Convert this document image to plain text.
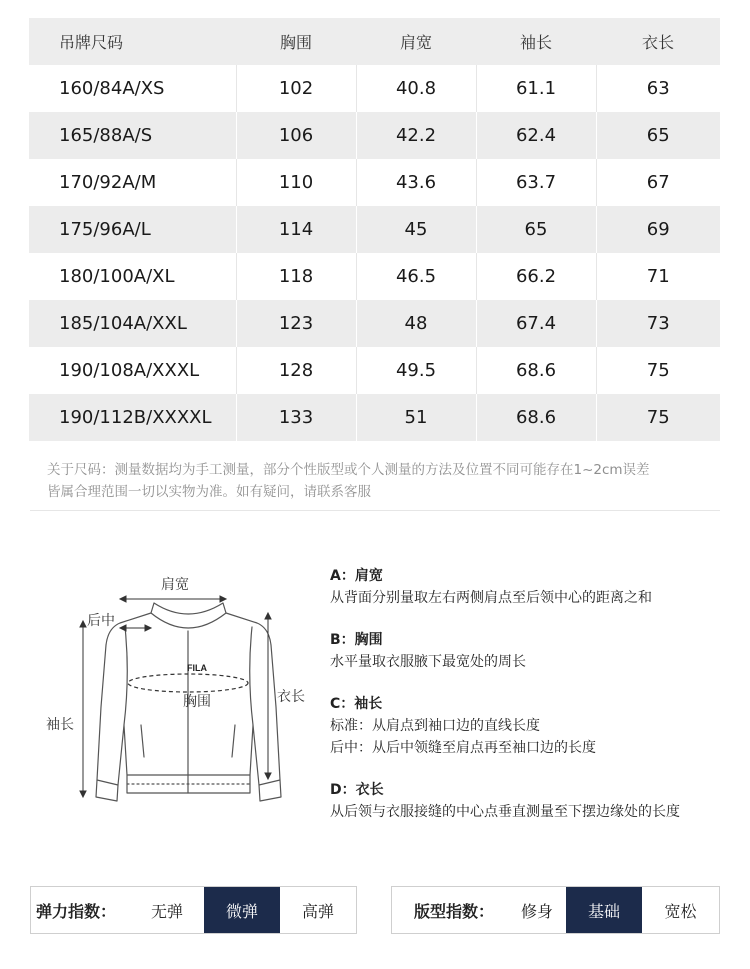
吊牌尺码	胸围	肩宽	袖长	衣长
160/84A/XS	102	40.8	61.1	63
165/88A/S	106	42.2	62.4	65
170/92A/M	110	43.6	63.7	67
175/96A/L	114	45	65	69
180/100A/XL	118	46.5	66.2	71
185/104A/XXL	123	48	67.4	73
190/108A/XXXL	128	49.5	68.6	75
190/112B/XXXXL	133	51	68.6	75

关于尺码：测量数据均为手工测量，部分个性版型或个人测量的方法及位置不同可能存在1~2cm误差
皆属合理范围一切以实物为准。如有疑问，请联系客服

FILA
肩宽
后中
胸围	衣长
袖长
A：肩宽
从背面分别量取左右两侧肩点至后领中心的距离之和
B：胸围
水平量取衣服腋下最宽处的周长
C：袖长
标准：从肩点到袖口边的直线长度
后中：从后中领缝至肩点再至袖口边的长度
D：衣长
从后领与衣服接缝的中心点垂直测量至下摆边缘处的长度
弹力指数：	无弹	微弹	高弹	版型指数：	修身	基础	宽松
